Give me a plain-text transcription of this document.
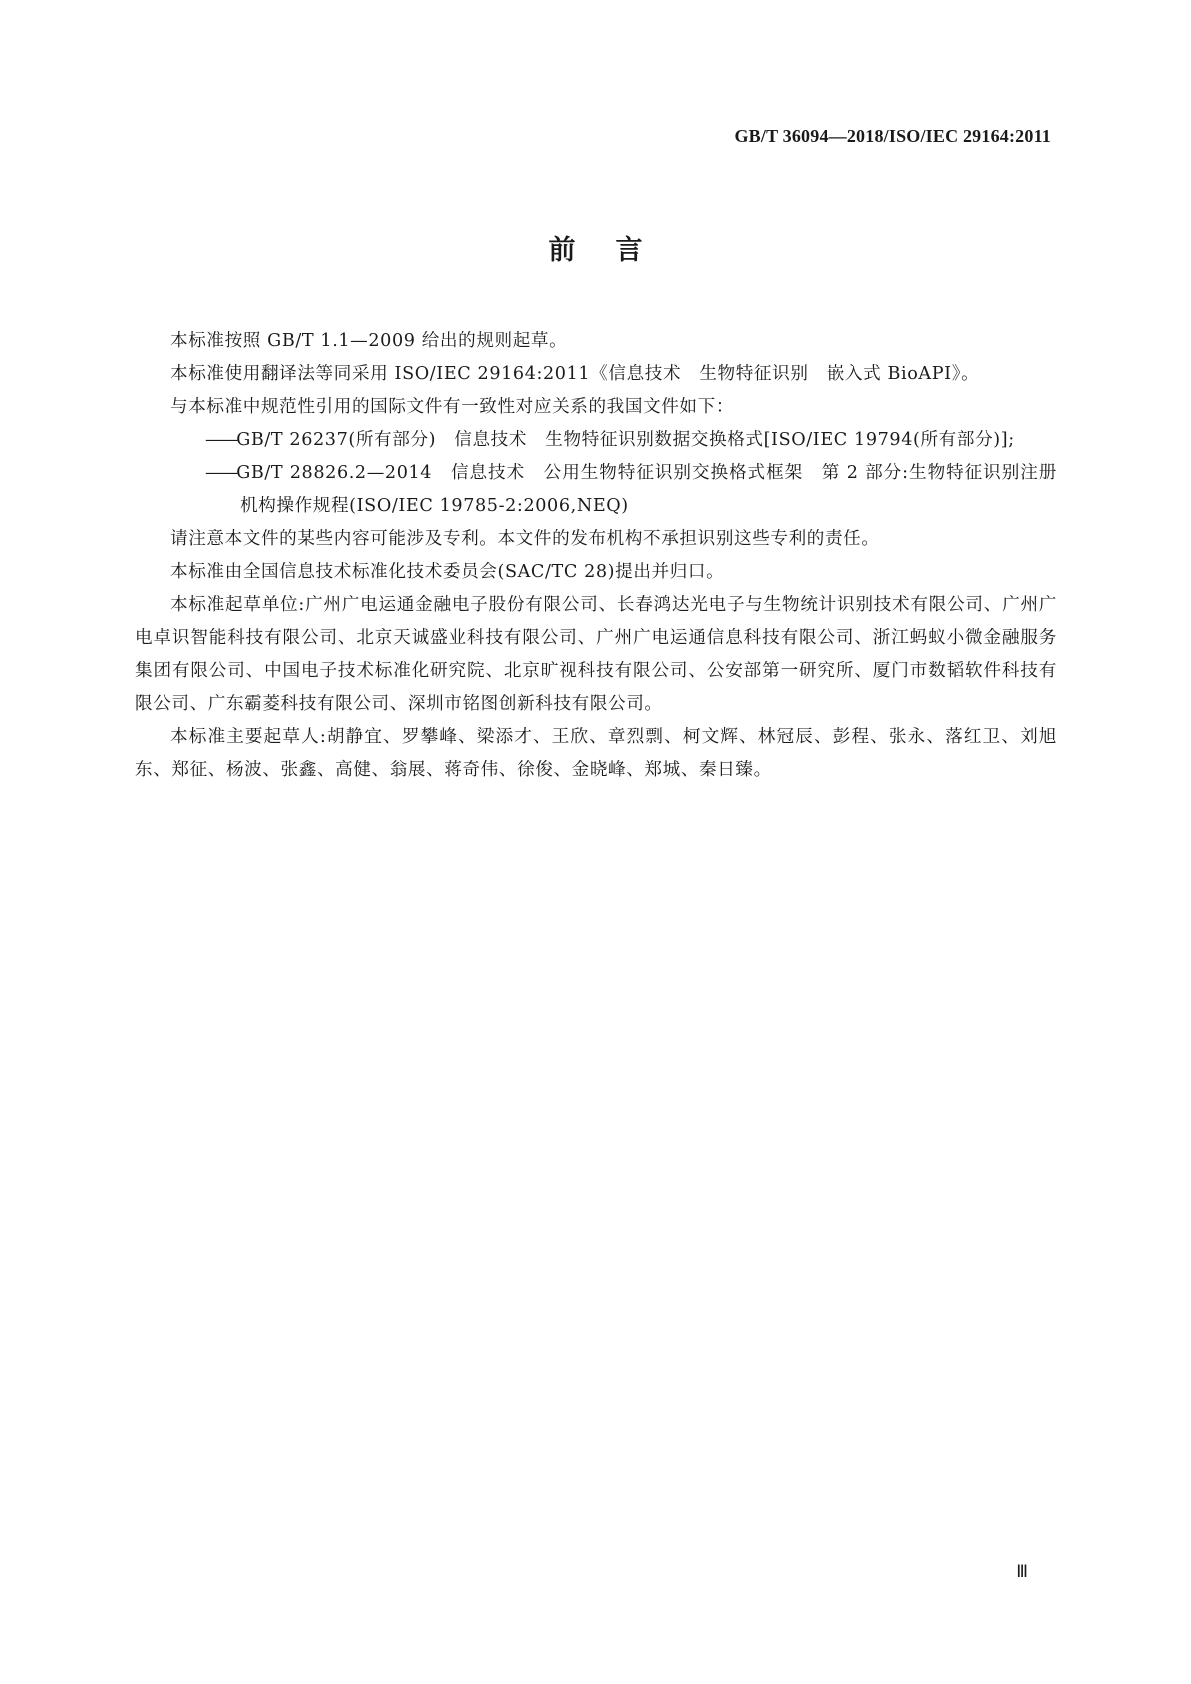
GB/T 36094—2018/ISO/IEC 29164:2011
前言

本标准按照 GB/T 1.1—2009 给出的规则起草。

本标准使用翻译法等同采用 ISO/IEC 29164:2011《信息技术　生物特征识别　嵌入式 BioAPI》。

与本标准中规范性引用的国际文件有一致性对应关系的我国文件如下：

——GB/T 26237(所有部分)　信息技术　生物特征识别数据交换格式[ISO/IEC 19794(所有部分)];

——GB/T 28826.2—2014　信息技术　公用生物特征识别交换格式框架　第 2 部分:生物特征识别注册机构操作规程(ISO/IEC 19785-2:2006,NEQ)

请注意本文件的某些内容可能涉及专利。本文件的发布机构不承担识别这些专利的责任。

本标准由全国信息技术标准化技术委员会(SAC/TC 28)提出并归口。

本标准起草单位:广州广电运通金融电子股份有限公司、长春鸿达光电子与生物统计识别技术有限公司、广州广电卓识智能科技有限公司、北京天诚盛业科技有限公司、广州广电运通信息科技有限公司、浙江蚂蚁小微金融服务集团有限公司、中国电子技术标准化研究院、北京旷视科技有限公司、公安部第一研究所、厦门市数韬软件科技有限公司、广东霸菱科技有限公司、深圳市铭图创新科技有限公司。

本标准主要起草人:胡静宜、罗攀峰、梁添才、王欣、章烈剽、柯文辉、林冠辰、彭程、张永、落红卫、刘旭东、郑征、杨波、张鑫、高健、翁展、蒋奇伟、徐俊、金晓峰、郑城、秦日臻。

Ⅲ
